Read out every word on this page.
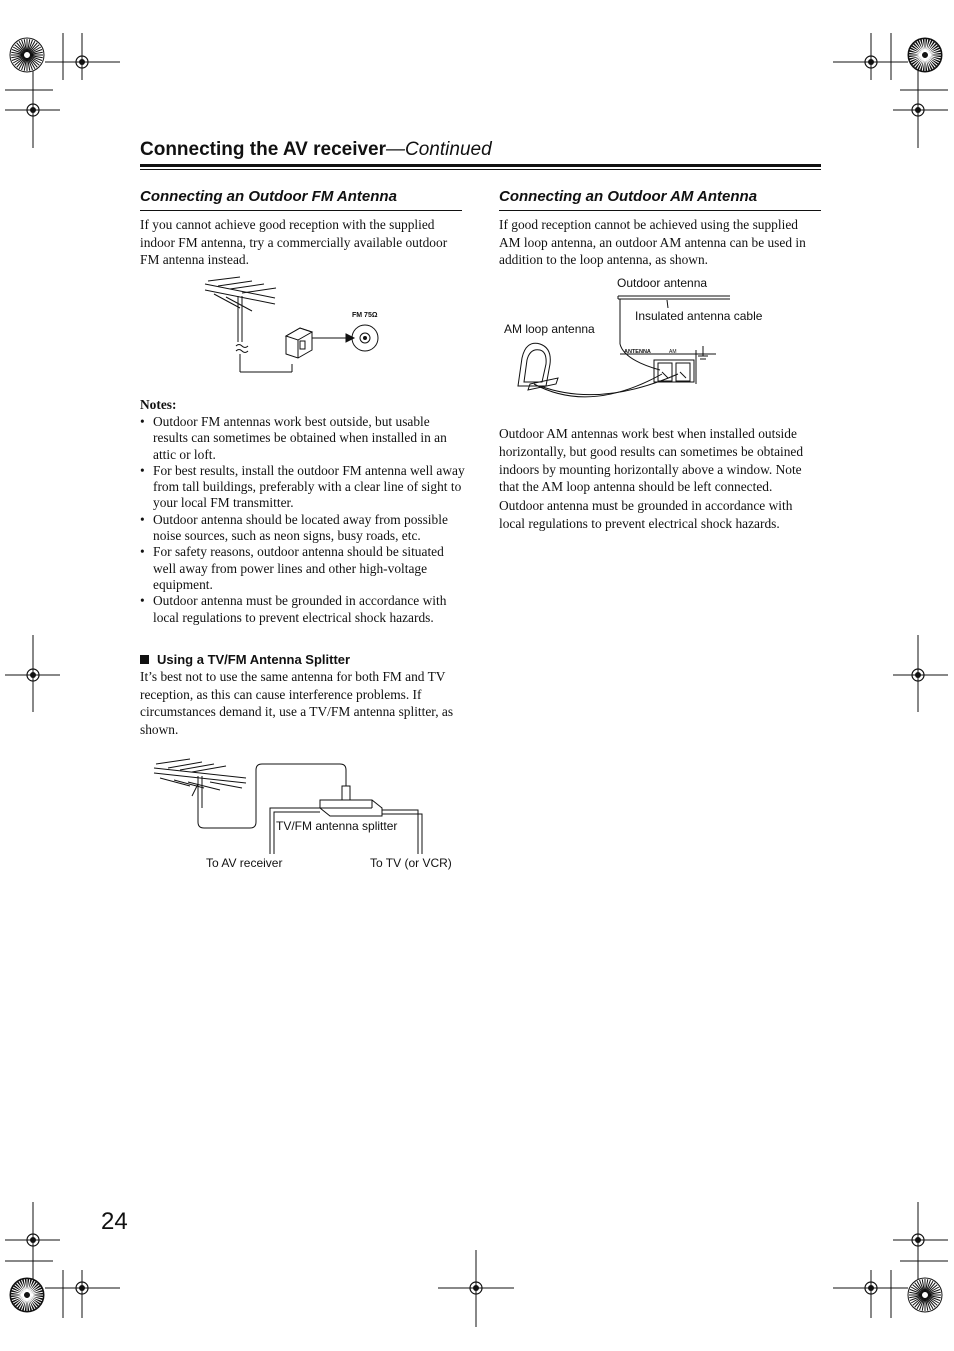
Connecting the AV receiver—Continued
Connecting an Outdoor FM Antenna
If you cannot achieve good reception with the supplied indoor FM antenna, try a commercially available outdoor FM antenna instead.
FM 75Ω
Notes:
• Outdoor FM antennas work best outside, but usable results can sometimes be obtained when installed in an attic or loft.
• For best results, install the outdoor FM antenna well away from tall buildings, preferably with a clear line of sight to your local FM transmitter.
• Outdoor antenna should be located away from possible noise sources, such as neon signs, busy roads, etc.
• For safety reasons, outdoor antenna should be situated well away from power lines and other high-voltage equipment.
• Outdoor antenna must be grounded in accordance with local regulations to prevent electrical shock hazards.
Using a TV/FM Antenna Splitter
It’s best not to use the same antenna for both FM and TV reception, as this can cause interference problems. If circumstances demand it, use a TV/FM antenna splitter, as shown.
TV/FM antenna splitter
To AV receiver	To TV (or VCR)
Connecting an Outdoor AM Antenna
If good reception cannot be achieved using the supplied AM loop antenna, an outdoor AM antenna can be used in addition to the loop antenna, as shown.
Outdoor antenna
Insulated antenna cable
AM loop antenna
ANTENNA	AM
Outdoor AM antennas work best when installed outside horizontally, but good results can sometimes be obtained indoors by mounting horizontally above a window. Note that the AM loop antenna should be left connected.
Outdoor antenna must be grounded in accordance with local regulations to prevent electrical shock hazards.
24
